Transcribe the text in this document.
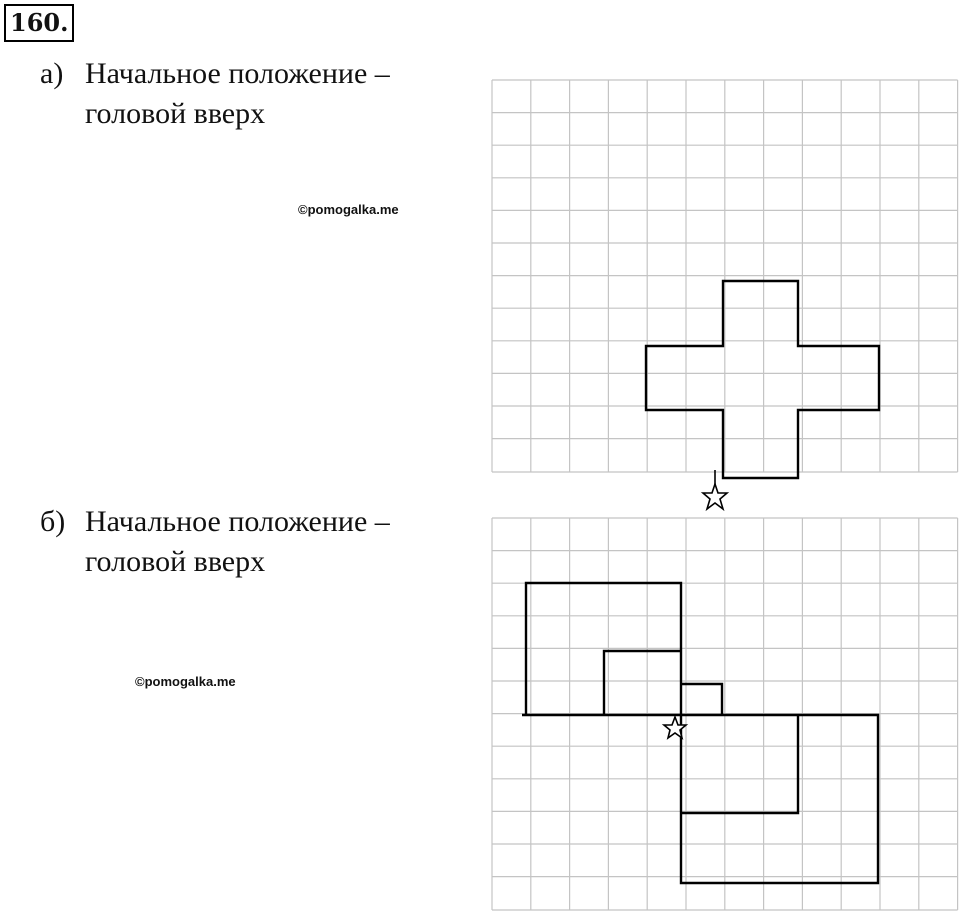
160.
а) Начальное положение –
головой вверх
©pomogalka.me
б) Начальное положение –
головой вверх
©pomogalka.me
